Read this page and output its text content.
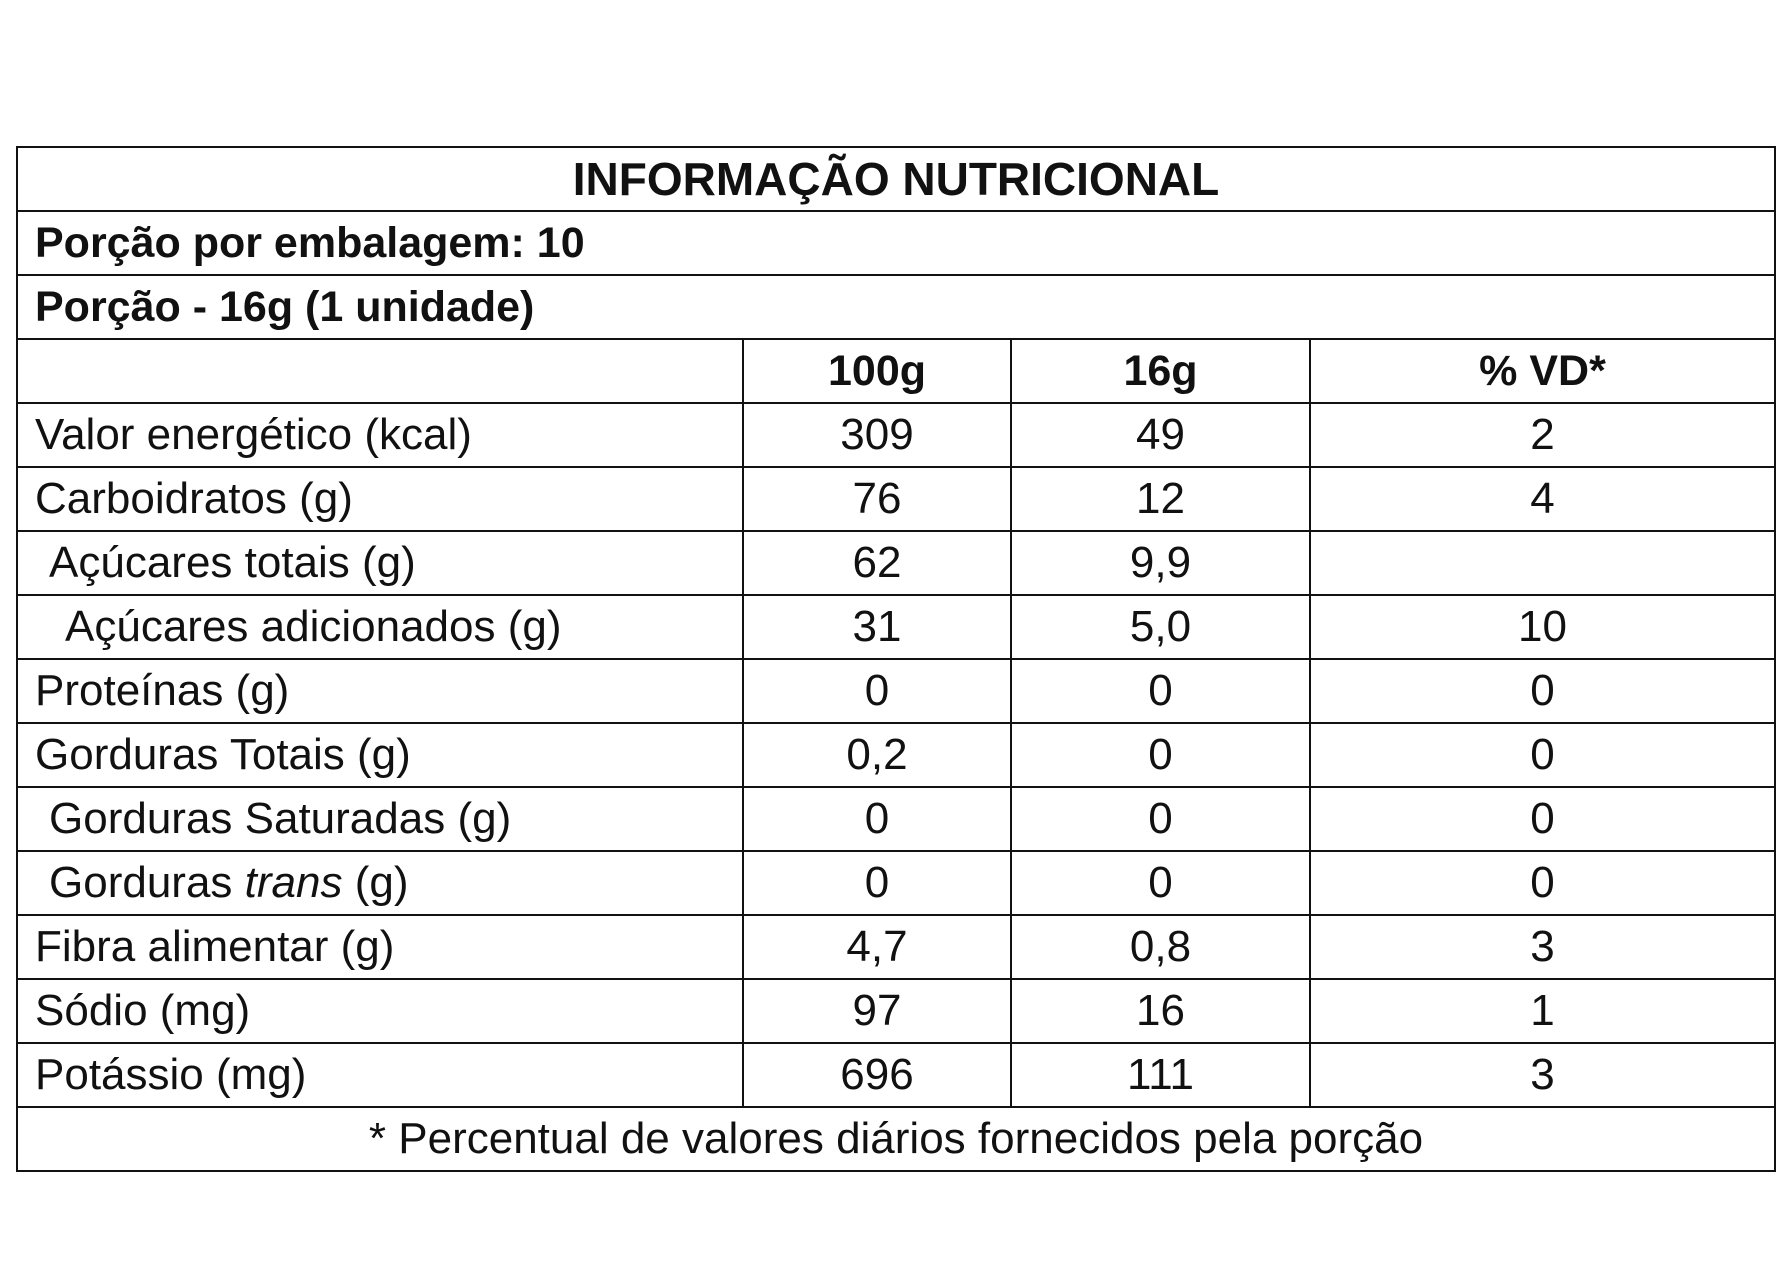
INFORMAÇÃO NUTRICIONAL			
Porção por embalagem: 10			
Porção - 16g (1 unidade)			
	100g	16g	% VD*
Valor energético (kcal)	309	49	2
Carboidratos (g)	76	12	4
Açúcares totais (g)	62	9,9	
Açúcares adicionados (g)	31	5,0	10
Proteínas (g)	0	0	0
Gorduras Totais (g)	0,2	0	0
Gorduras Saturadas (g)	0	0	0
Gorduras trans (g)	0	0	0
Fibra alimentar (g)	4,7	0,8	3
Sódio (mg)	97	16	1
Potássio (mg)	696	111	3
* Percentual de valores diários fornecidos pela porção			
